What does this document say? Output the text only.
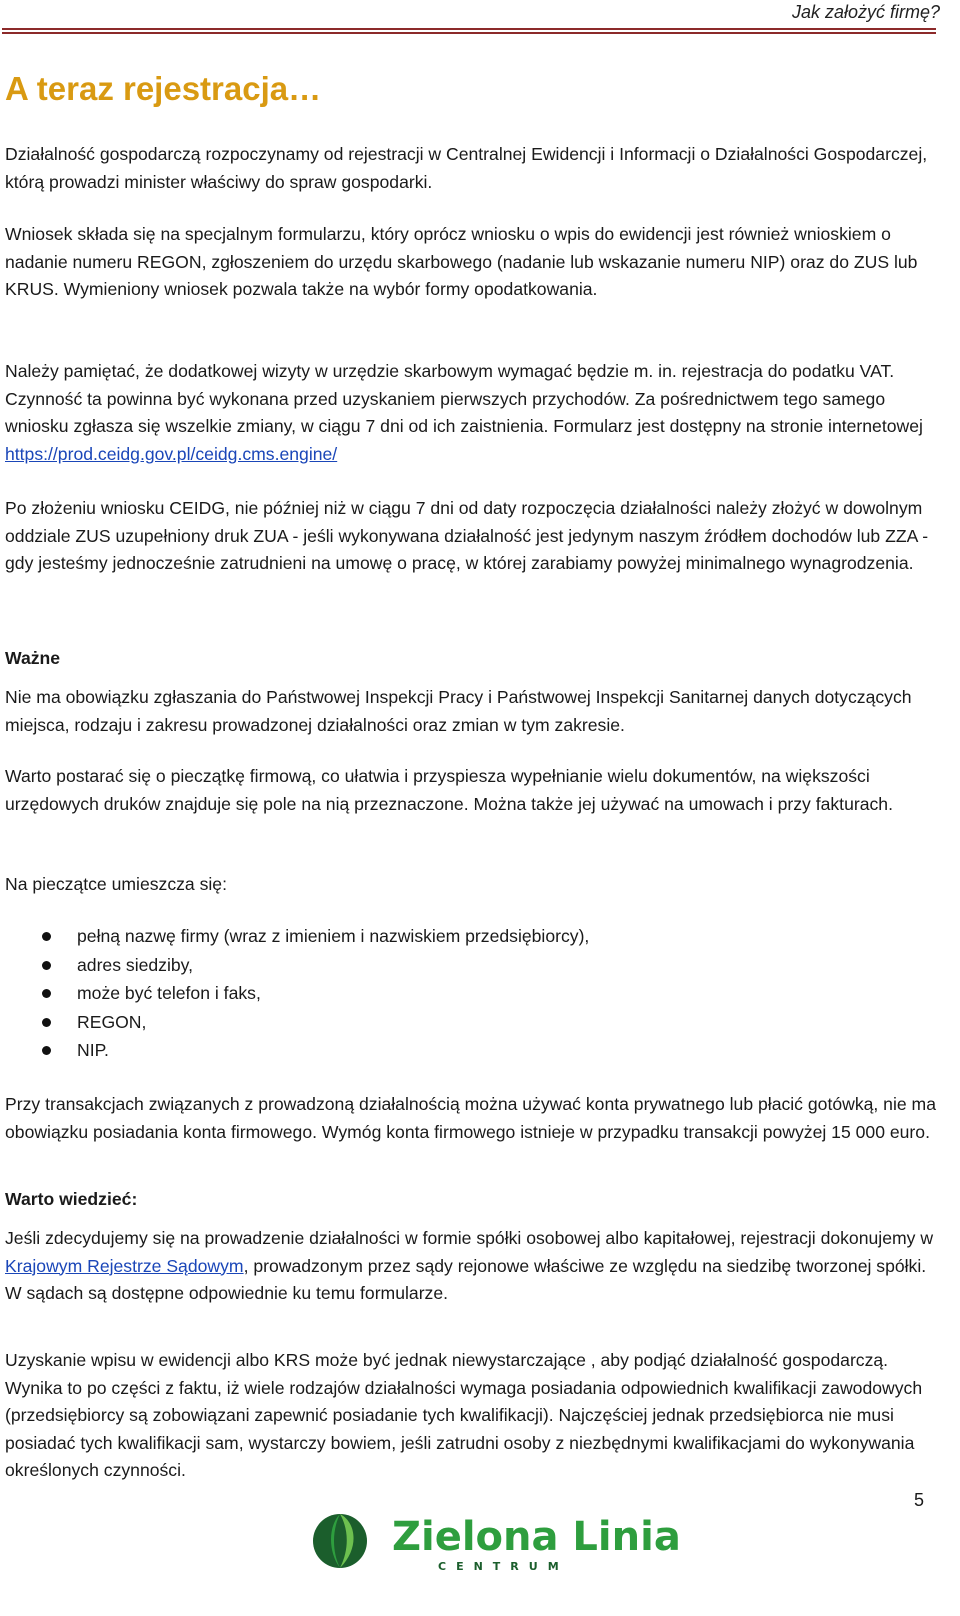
Jak założyć firmę?
A teraz rejestracja…

Działalność gospodarczą rozpoczynamy od rejestracji w Centralnej Ewidencji i Informacji o Działalności Gospodarczej, którą prowadzi minister właściwy do spraw gospodarki.

Wniosek składa się na specjalnym formularzu, który oprócz wniosku o wpis do ewidencji jest również wnioskiem o nadanie numeru REGON, zgłoszeniem do urzędu skarbowego (nadanie lub wskazanie numeru NIP) oraz do ZUS lub KRUS. Wymieniony wniosek pozwala także na wybór formy opodatkowania.

Należy pamiętać, że dodatkowej wizyty w urzędzie skarbowym wymagać będzie m. in. rejestracja do podatku VAT. Czynność ta powinna być wykonana przed uzyskaniem pierwszych przychodów. Za pośrednictwem tego samego wniosku zgłasza się wszelkie zmiany, w ciągu 7 dni od ich zaistnienia. Formularz jest dostępny na stronie internetowej https://prod.ceidg.gov.pl/ceidg.cms.engine/

Po złożeniu wniosku CEIDG, nie później niż w ciągu 7 dni od daty rozpoczęcia działalności należy złożyć w dowolnym oddziale ZUS uzupełniony druk ZUA - jeśli wykonywana działalność jest jedynym naszym źródłem dochodów lub ZZA - gdy jesteśmy jednocześnie zatrudnieni na umowę o pracę, w której zarabiamy powyżej minimalnego wynagrodzenia.

Ważne

Nie ma obowiązku zgłaszania do Państwowej Inspekcji Pracy i Państwowej Inspekcji Sanitarnej danych dotyczących miejsca, rodzaju i zakresu prowadzonej działalności oraz zmian w tym zakresie.

Warto postarać się o pieczątkę firmową, co ułatwia i przyspiesza wypełnianie wielu dokumentów, na większości urzędowych druków znajduje się pole na nią przeznaczone. Można także jej używać na umowach i przy fakturach.

Na pieczątce umieszcza się:

pełną nazwę firmy (wraz z imieniem i nazwiskiem przedsiębiorcy),
adres siedziby,
może być telefon i faks,
REGON,
NIP.

Przy transakcjach związanych z prowadzoną działalnością można używać konta prywatnego lub płacić gotówką, nie ma obowiązku posiadania konta firmowego. Wymóg konta firmowego istnieje w przypadku transakcji powyżej 15 000 euro.

Warto wiedzieć:

Jeśli zdecydujemy się na prowadzenie działalności w formie spółki osobowej albo kapitałowej, rejestracji dokonujemy w Krajowym Rejestrze Sądowym, prowadzonym przez sądy rejonowe właściwe ze względu na siedzibę tworzonej spółki. W sądach są dostępne odpowiednie ku temu formularze.

Uzyskanie wpisu w ewidencji albo KRS może być jednak niewystarczające , aby podjąć działalność gospodarczą. Wynika to po części z faktu, iż wiele rodzajów działalności wymaga posiadania odpowiednich kwalifikacji zawodowych (przedsiębiorcy są zobowiązani zapewnić posiadanie tych kwalifikacji). Najczęściej jednak przedsiębiorca nie musi posiadać tych kwalifikacji sam, wystarczy bowiem, jeśli zatrudni osoby z niezbędnymi kwalifikacjami do wykonywania określonych czynności.

5
Zielona Linia
CENTRUM
